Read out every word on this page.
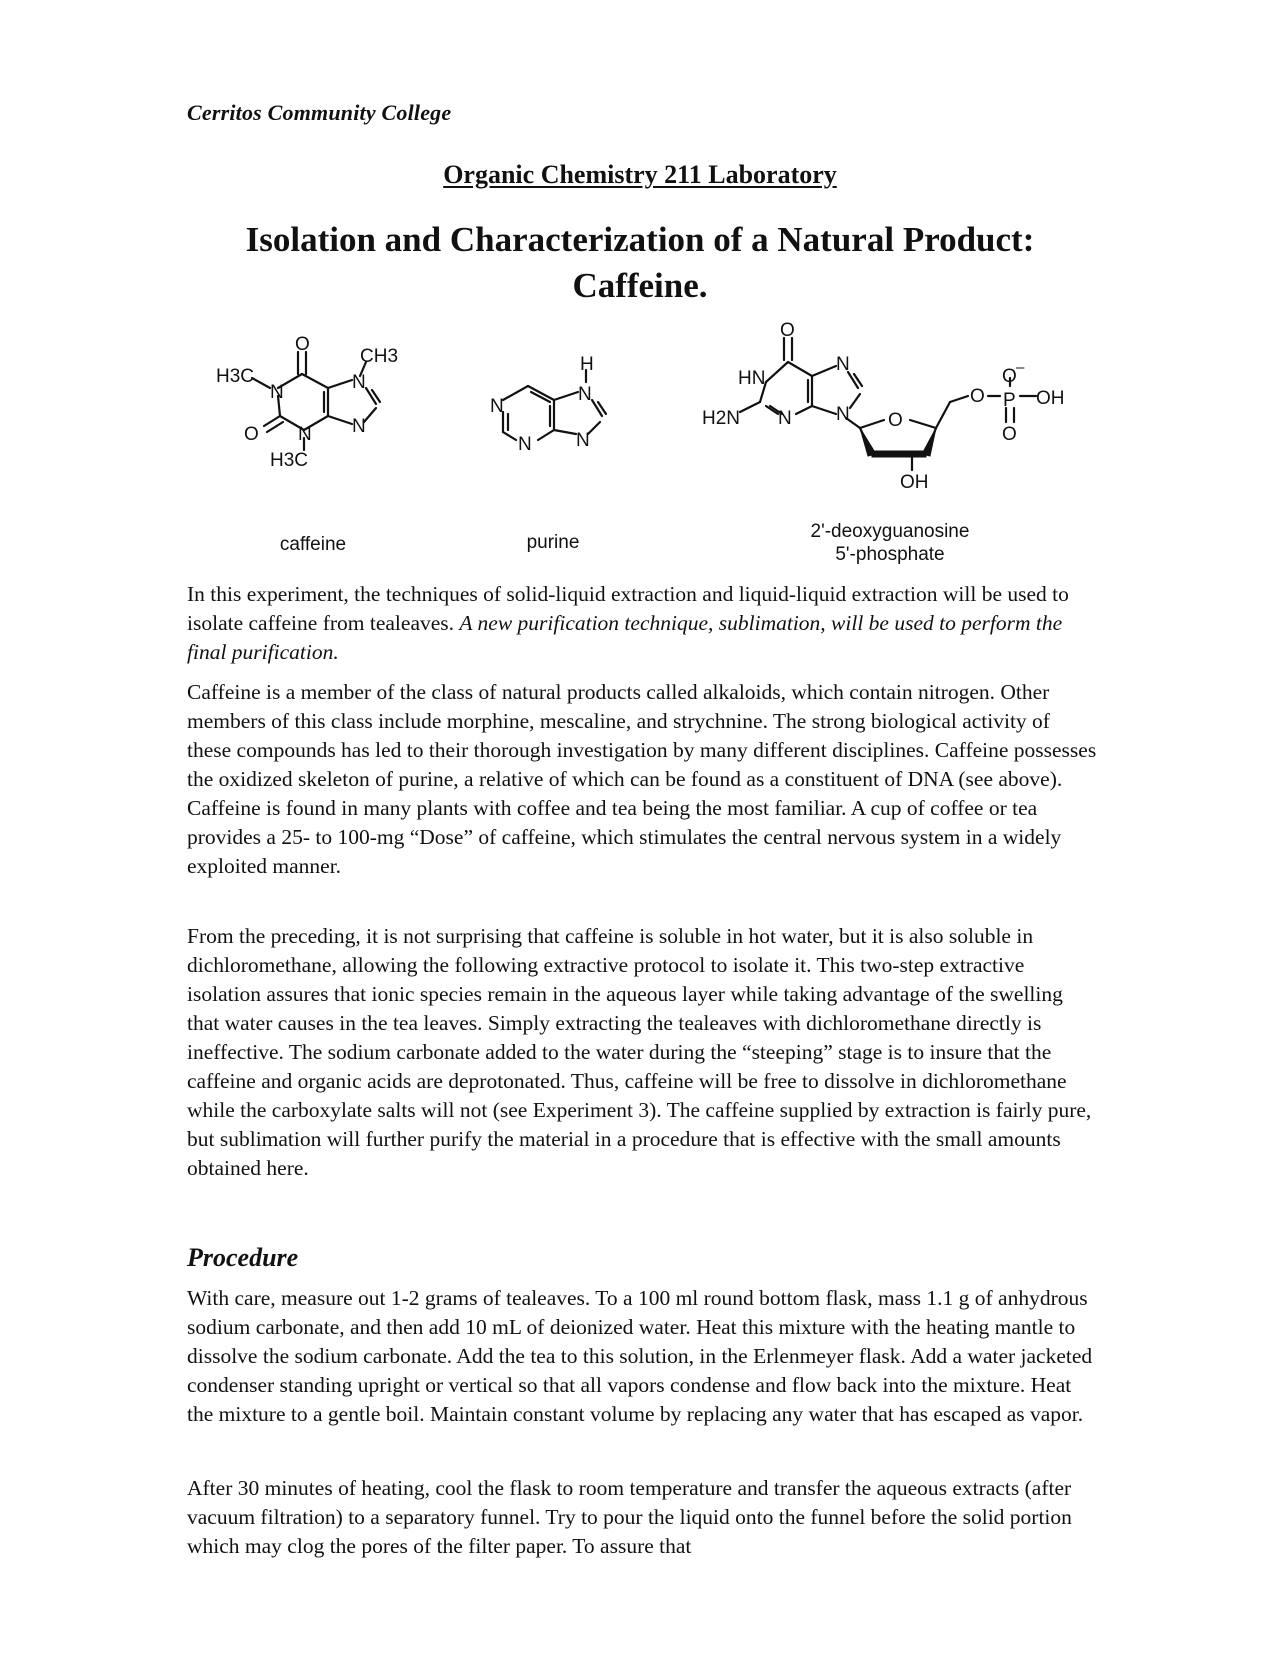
Cerritos Community College
Organic Chemistry 211 Laboratory
Isolation and Characterization of a Natural Product:
Caffeine.
O
CH3
H3C
N	N
N
N
O
H3C
H
N
N
N N
O
HN
N
H2N N N O
OH
O P
O –
OH
O
caffeine	purine
2'-deoxyguanosine
5'-phosphate

In this experiment, the techniques of solid-liquid extraction and liquid-liquid extraction will be used to isolate caffeine from tealeaves. A new purification technique, sublimation, will be used to perform the final purification.

Caffeine is a member of the class of natural products called alkaloids, which contain nitrogen. Other members of this class include morphine, mescaline, and strychnine. The strong biological activity of these compounds has led to their thorough investigation by many different disciplines. Caffeine possesses the oxidized skeleton of purine, a relative of which can be found as a constituent of DNA (see above). Caffeine is found in many plants with coffee and tea being the most familiar. A cup of coffee or tea provides a 25- to 100-mg “Dose” of caffeine, which stimulates the central nervous system in a widely exploited manner.

From the preceding, it is not surprising that caffeine is soluble in hot water, but it is also soluble in dichloromethane, allowing the following extractive protocol to isolate it. This two-step extractive isolation assures that ionic species remain in the aqueous layer while taking advantage of the swelling that water causes in the tea leaves. Simply extracting the tealeaves with dichloromethane directly is ineffective. The sodium carbonate added to the water during the “steeping” stage is to insure that the caffeine and organic acids are deprotonated. Thus, caffeine will be free to dissolve in dichloromethane while the carboxylate salts will not (see Experiment 3). The caffeine supplied by extraction is fairly pure, but sublimation will further purify the material in a procedure that is effective with the small amounts obtained here.

Procedure

With care, measure out 1-2 grams of tealeaves. To a 100 ml round bottom flask, mass 1.1 g of anhydrous sodium carbonate, and then add 10 mL of deionized water. Heat this mixture with the heating mantle to dissolve the sodium carbonate. Add the tea to this solution, in the Erlenmeyer flask. Add a water jacketed condenser standing upright or vertical so that all vapors condense and flow back into the mixture. Heat the mixture to a gentle boil. Maintain constant volume by replacing any water that has escaped as vapor.

After 30 minutes of heating, cool the flask to room temperature and transfer the aqueous extracts (after vacuum filtration) to a separatory funnel. Try to pour the liquid onto the funnel before the solid portion which may clog the pores of the filter paper. To assure that
